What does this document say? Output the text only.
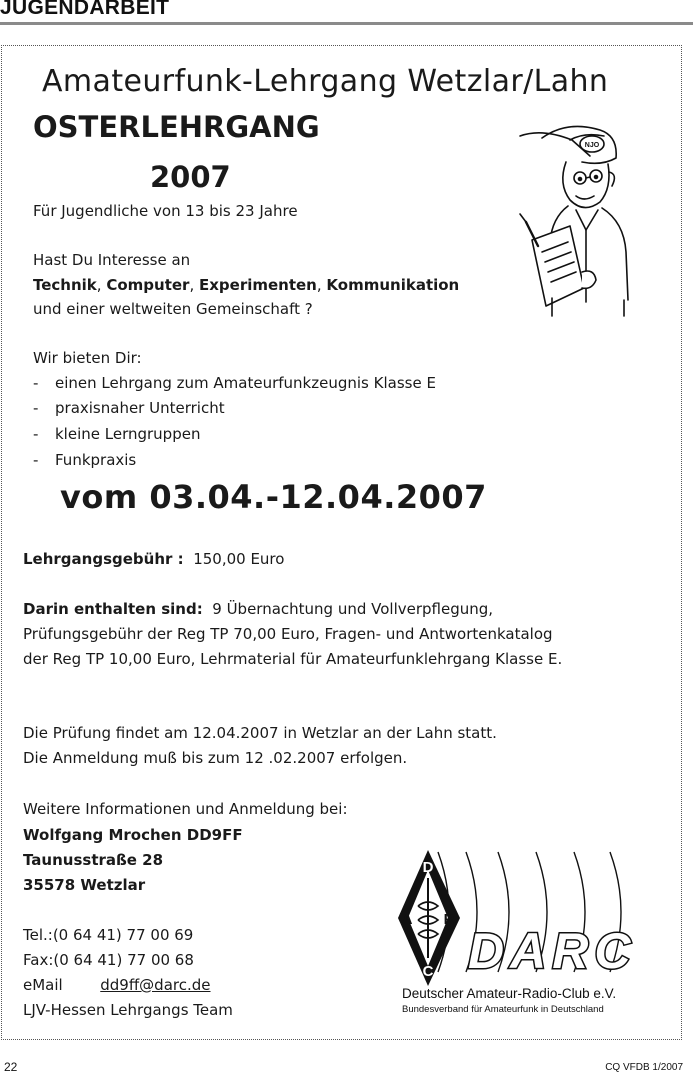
JUGENDARBEIT
Amateurfunk-Lehrgang Wetzlar/Lahn
OSTERLEHRGANG
2007
Für Jugendliche von 13 bis 23 Jahre
Hast Du Interesse an
Technik, Computer, Experimenten, Kommunikation
und einer weltweiten Gemeinschaft ?
Wir bieten Dir:
- einen Lehrgang zum Amateurfunkzeugnis Klasse E
- praxisnaher Unterricht
- kleine Lerngruppen
- Funkpraxis
vom 03.04.-12.04.2007
Lehrgangsgebühr : 150,00 Euro
Darin enthalten sind: 9 Übernachtung und Vollverpflegung,
Prüfungsgebühr der Reg TP 70,00 Euro, Fragen- und Antwortenkatalog
der Reg TP 10,00 Euro, Lehrmaterial für Amateurfunklehrgang Klasse E.
Die Prüfung findet am 12.04.2007 in Wetzlar an der Lahn statt.
Die Anmeldung muß bis zum 12 .02.2007 erfolgen.
Weitere Informationen und Anmeldung bei:
Wolfgang Mrochen DD9FF
Taunusstraße 28
35578 Wetzlar
Tel.:(0 64 41) 77 00 69
Fax:(0 64 41) 77 00 68
eMail	dd9ff@darc.de
LJV-Hessen Lehrgangs Team
NJO
D
A R
C DARC
Deutscher Amateur-Radio-Club e.V.
Bundesverband für Amateurfunk in Deutschland
22	CQ VFDB 1/2007
